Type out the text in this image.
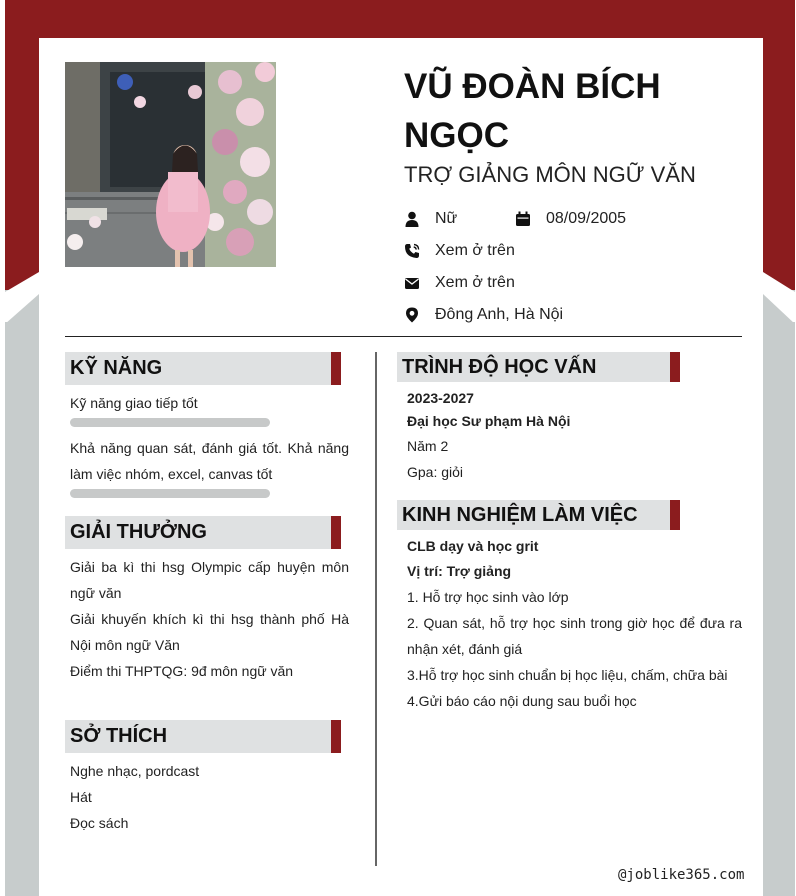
VŨ ĐOÀN BÍCH NGỌC
TRỢ GIẢNG MÔN NGỮ VĂN
Nữ	08/09/2005
Xem ở trên
Xem ở trên
Đông Anh, Hà Nội
KỸ NĂNG
Kỹ năng giao tiếp tốt
Khả năng quan sát, đánh giá tốt. Khả năng làm việc nhóm, excel, canvas tốt
GIẢI THƯỞNG
Giải ba kì thi hsg Olympic cấp huyện môn ngữ văn
Giải khuyến khích kì thi hsg thành phố Hà Nội môn ngữ Văn
Điểm thi THPTQG: 9đ môn ngữ văn
SỞ THÍCH
Nghe nhạc, pordcast
Hát
Đọc sách
TRÌNH ĐỘ HỌC VẤN
2023-2027
Đại học Sư phạm Hà Nội
Năm 2
Gpa: giỏi
KINH NGHIỆM LÀM VIỆC
CLB dạy và học grit
Vị trí: Trợ giảng
1. Hỗ trợ học sinh vào lớp
2. Quan sát, hỗ trợ học sinh trong giờ học để đưa ra nhận xét, đánh giá
3.Hỗ trợ học sinh chuẩn bị học liệu, chấm, chữa bài
4.Gửi báo cáo nội dung sau buổi học
@joblike365.com
